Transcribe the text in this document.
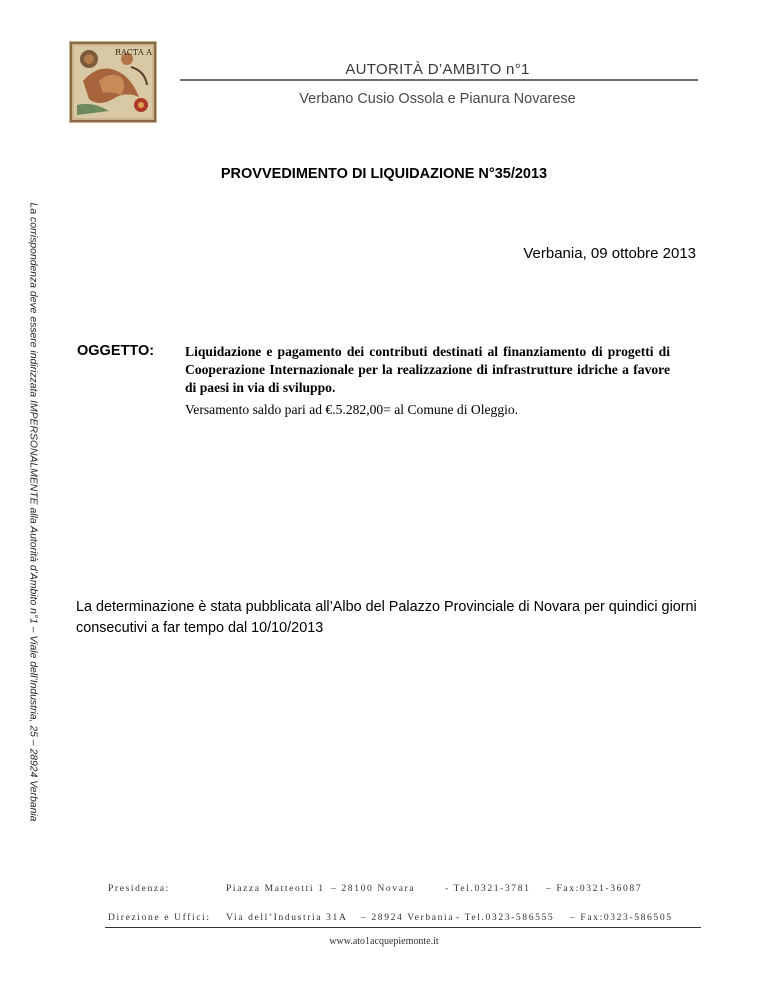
RACTA A
AUTORITÀ D’AMBITO n°1
Verbano Cusio Ossola e Pianura Novarese
PROVVEDIMENTO DI LIQUIDAZIONE N°35/2013
La corrispondenza deve essere indirizzata IMPERSONALMENTE alla Autorità d’Ambito n°1 – Viale dell’Industria, 25 – 28924 Verbania	Verbania, 09 ottobre 2013
OGGETTO: Liquidazione e pagamento dei contributi destinati al finanziamento di progetti di Cooperazione Internazionale per la realizzazione di infrastrutture idriche a favore di paesi in via di sviluppo.
Versamento saldo pari ad €.5.282,00= al Comune di Oleggio.
La determinazione è stata pubblicata all’Albo del Palazzo Provinciale di Novara per quindici giorni consecutivi a far tempo dal 10/10/2013
Presidenza:	Piazza Matteotti 1 – 28100 Novara	- Tel.0321-3781 – Fax:0321-36087
Direzione e Uffici: Via dell’Industria 31A – 28924 Verbania - Tel.0323-586555 – Fax:0323-586505
www.ato1acquepiemonte.it
